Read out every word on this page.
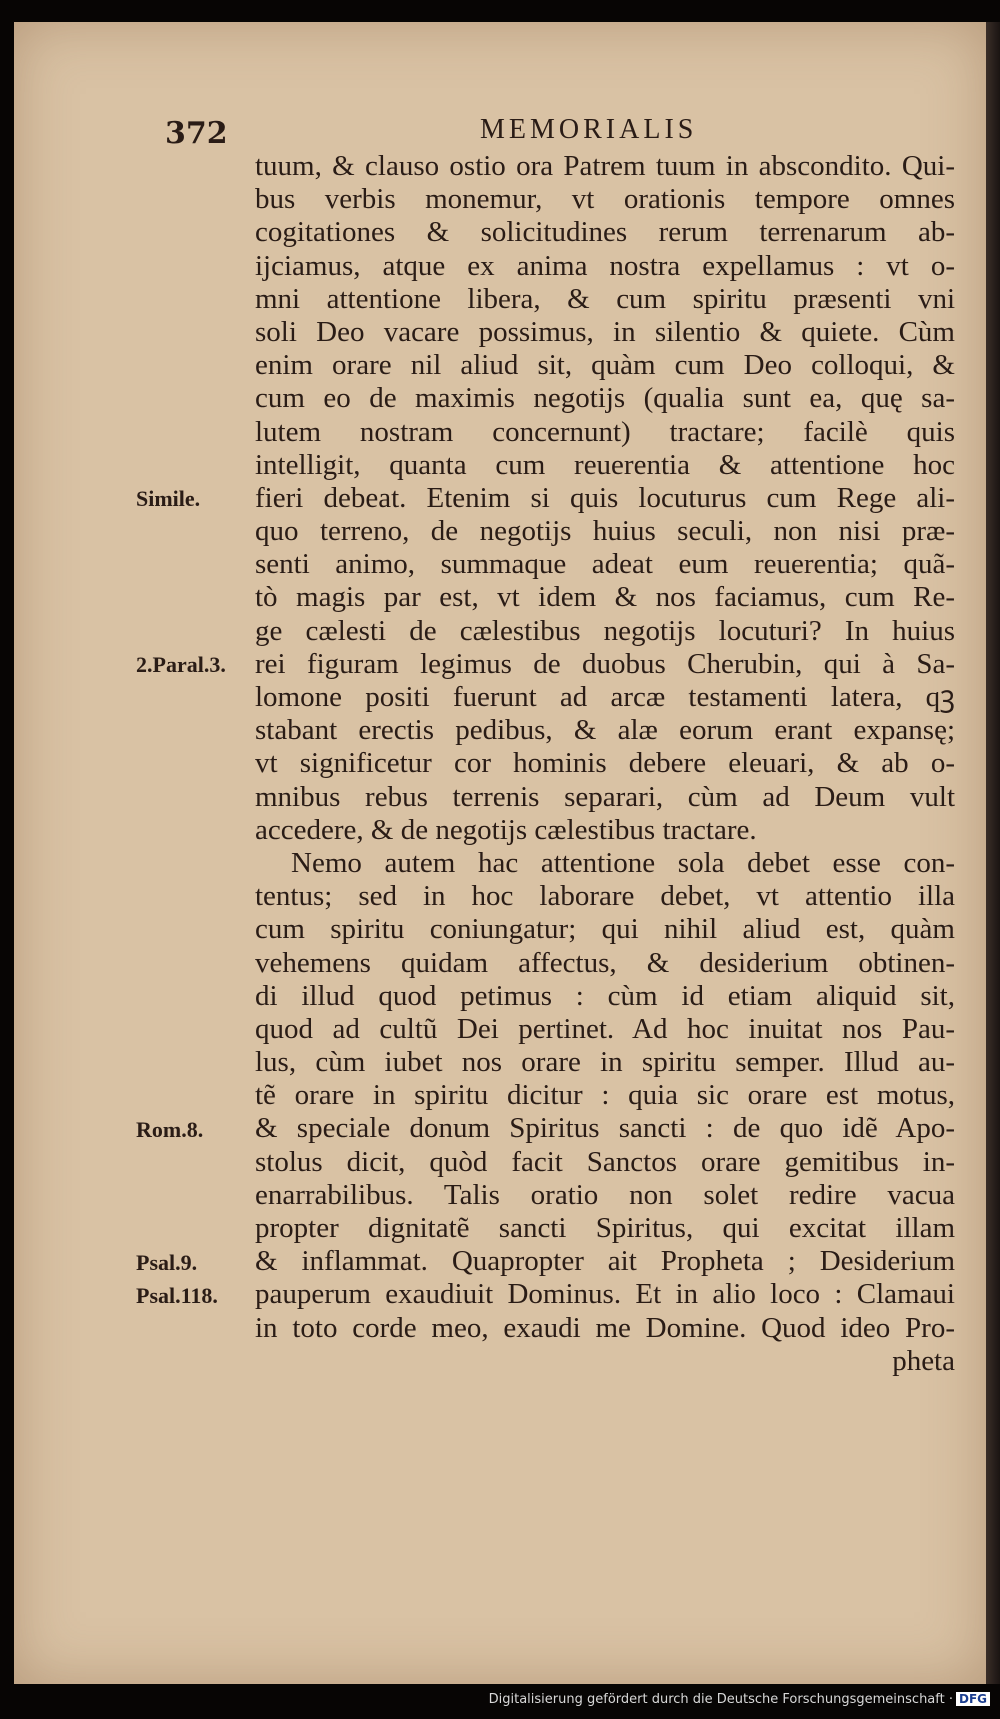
372	MEMORIALIS
tuum, & clauso ostio ora Patrem tuum in abscondito. Qui-
bus verbis monemur, vt orationis tempore omnes
cogitationes & solicitudines rerum terrenarum ab-
ijciamus, atque ex anima nostra expellamus : vt o-
mni attentione libera, & cum spiritu præsenti vni
soli Deo vacare possimus, in silentio & quiete. Cùm
enim orare nil aliud sit, quàm cum Deo colloqui, &
cum eo de maximis negotijs (qualia sunt ea, quę sa-
lutem nostram concernunt) tractare; facilè quis
intelligit, quanta cum reuerentia & attentione hoc
fieri debeat. Etenim si quis locuturus cum Rege ali-
quo terreno, de negotijs huius seculi, non nisi præ-
senti animo, summaque adeat eum reuerentia; quã-
tò magis par est, vt idem & nos faciamus, cum Re-
ge cælesti de cælestibus negotijs locuturi? In huius
rei figuram legimus de duobus Cherubin, qui à Sa-
lomone positi fuerunt ad arcæ testamenti latera, qꝫ
stabant erectis pedibus, & alæ eorum erant expansę;
vt significetur cor hominis debere eleuari, & ab o-
mnibus rebus terrenis separari, cùm ad Deum vult
accedere, & de negotijs cælestibus tractare.
Nemo autem hac attentione sola debet esse con-
tentus; sed in hoc laborare debet, vt attentio illa
cum spiritu coniungatur; qui nihil aliud est, quàm
vehemens quidam affectus, & desiderium obtinen-
di illud quod petimus : cùm id etiam aliquid sit,
quod ad cultũ Dei pertinet. Ad hoc inuitat nos Pau-
lus, cùm iubet nos orare in spiritu semper. Illud au-
tẽ orare in spiritu dicitur : quia sic orare est motus,
& speciale donum Spiritus sancti : de quo idẽ Apo-
stolus dicit, quòd facit Sanctos orare gemitibus in-
enarrabilibus. Talis oratio non solet redire vacua
propter dignitatẽ sancti Spiritus, qui excitat illam
& inflammat. Quapropter ait Propheta ; Desiderium
pauperum exaudiuit Dominus. Et in alio loco : Clamaui
in toto corde meo, exaudi me Domine. Quod ideo Pro-
pheta
Simile.
2.Paral.3.
Rom.8.
Psal.9.
Psal.118.
Digitalisierung gefördert durch die Deutsche Forschungsgemeinschaft · DFG
